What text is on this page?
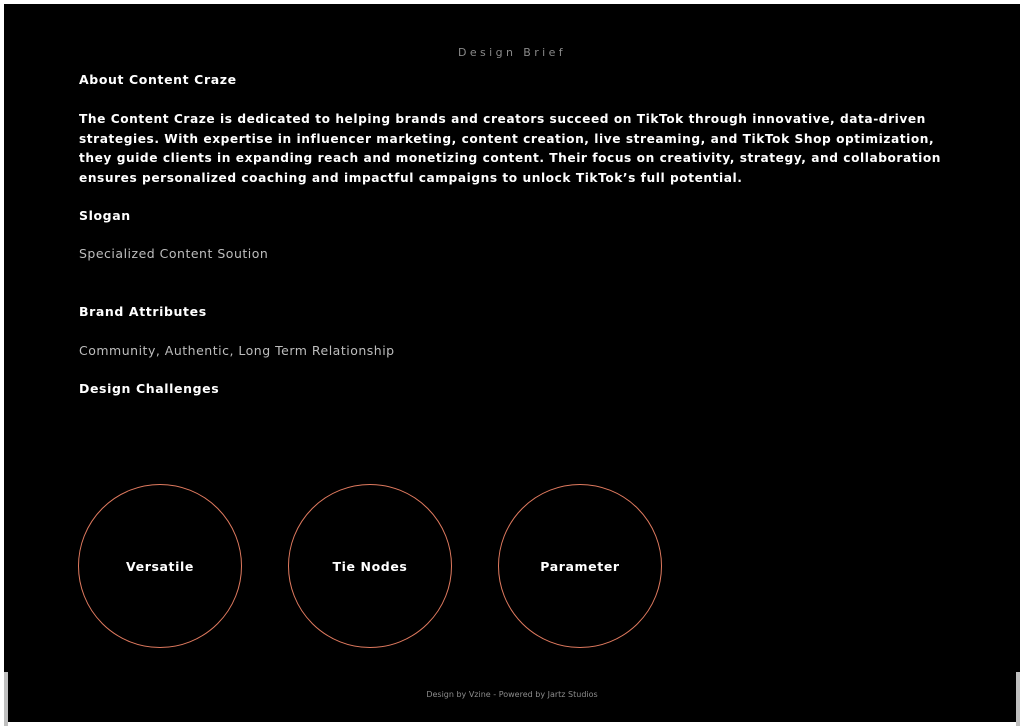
Design Brief
About Content Craze
The Content Craze is dedicated to helping brands and creators succeed on TikTok through innovative, data-driven strategies. With expertise in influencer marketing, content creation, live streaming, and TikTok Shop optimization, they guide clients in expanding reach and monetizing content. Their focus on creativity, strategy, and collaboration ensures personalized coaching and impactful campaigns to unlock TikTok’s full potential.
Slogan
Specialized Content Soution
Brand Attributes
Community, Authentic, Long Term Relationship
Design Challenges
Versatile	Tie Nodes	Parameter
Design by Vzine - Powered by Jartz Studios
